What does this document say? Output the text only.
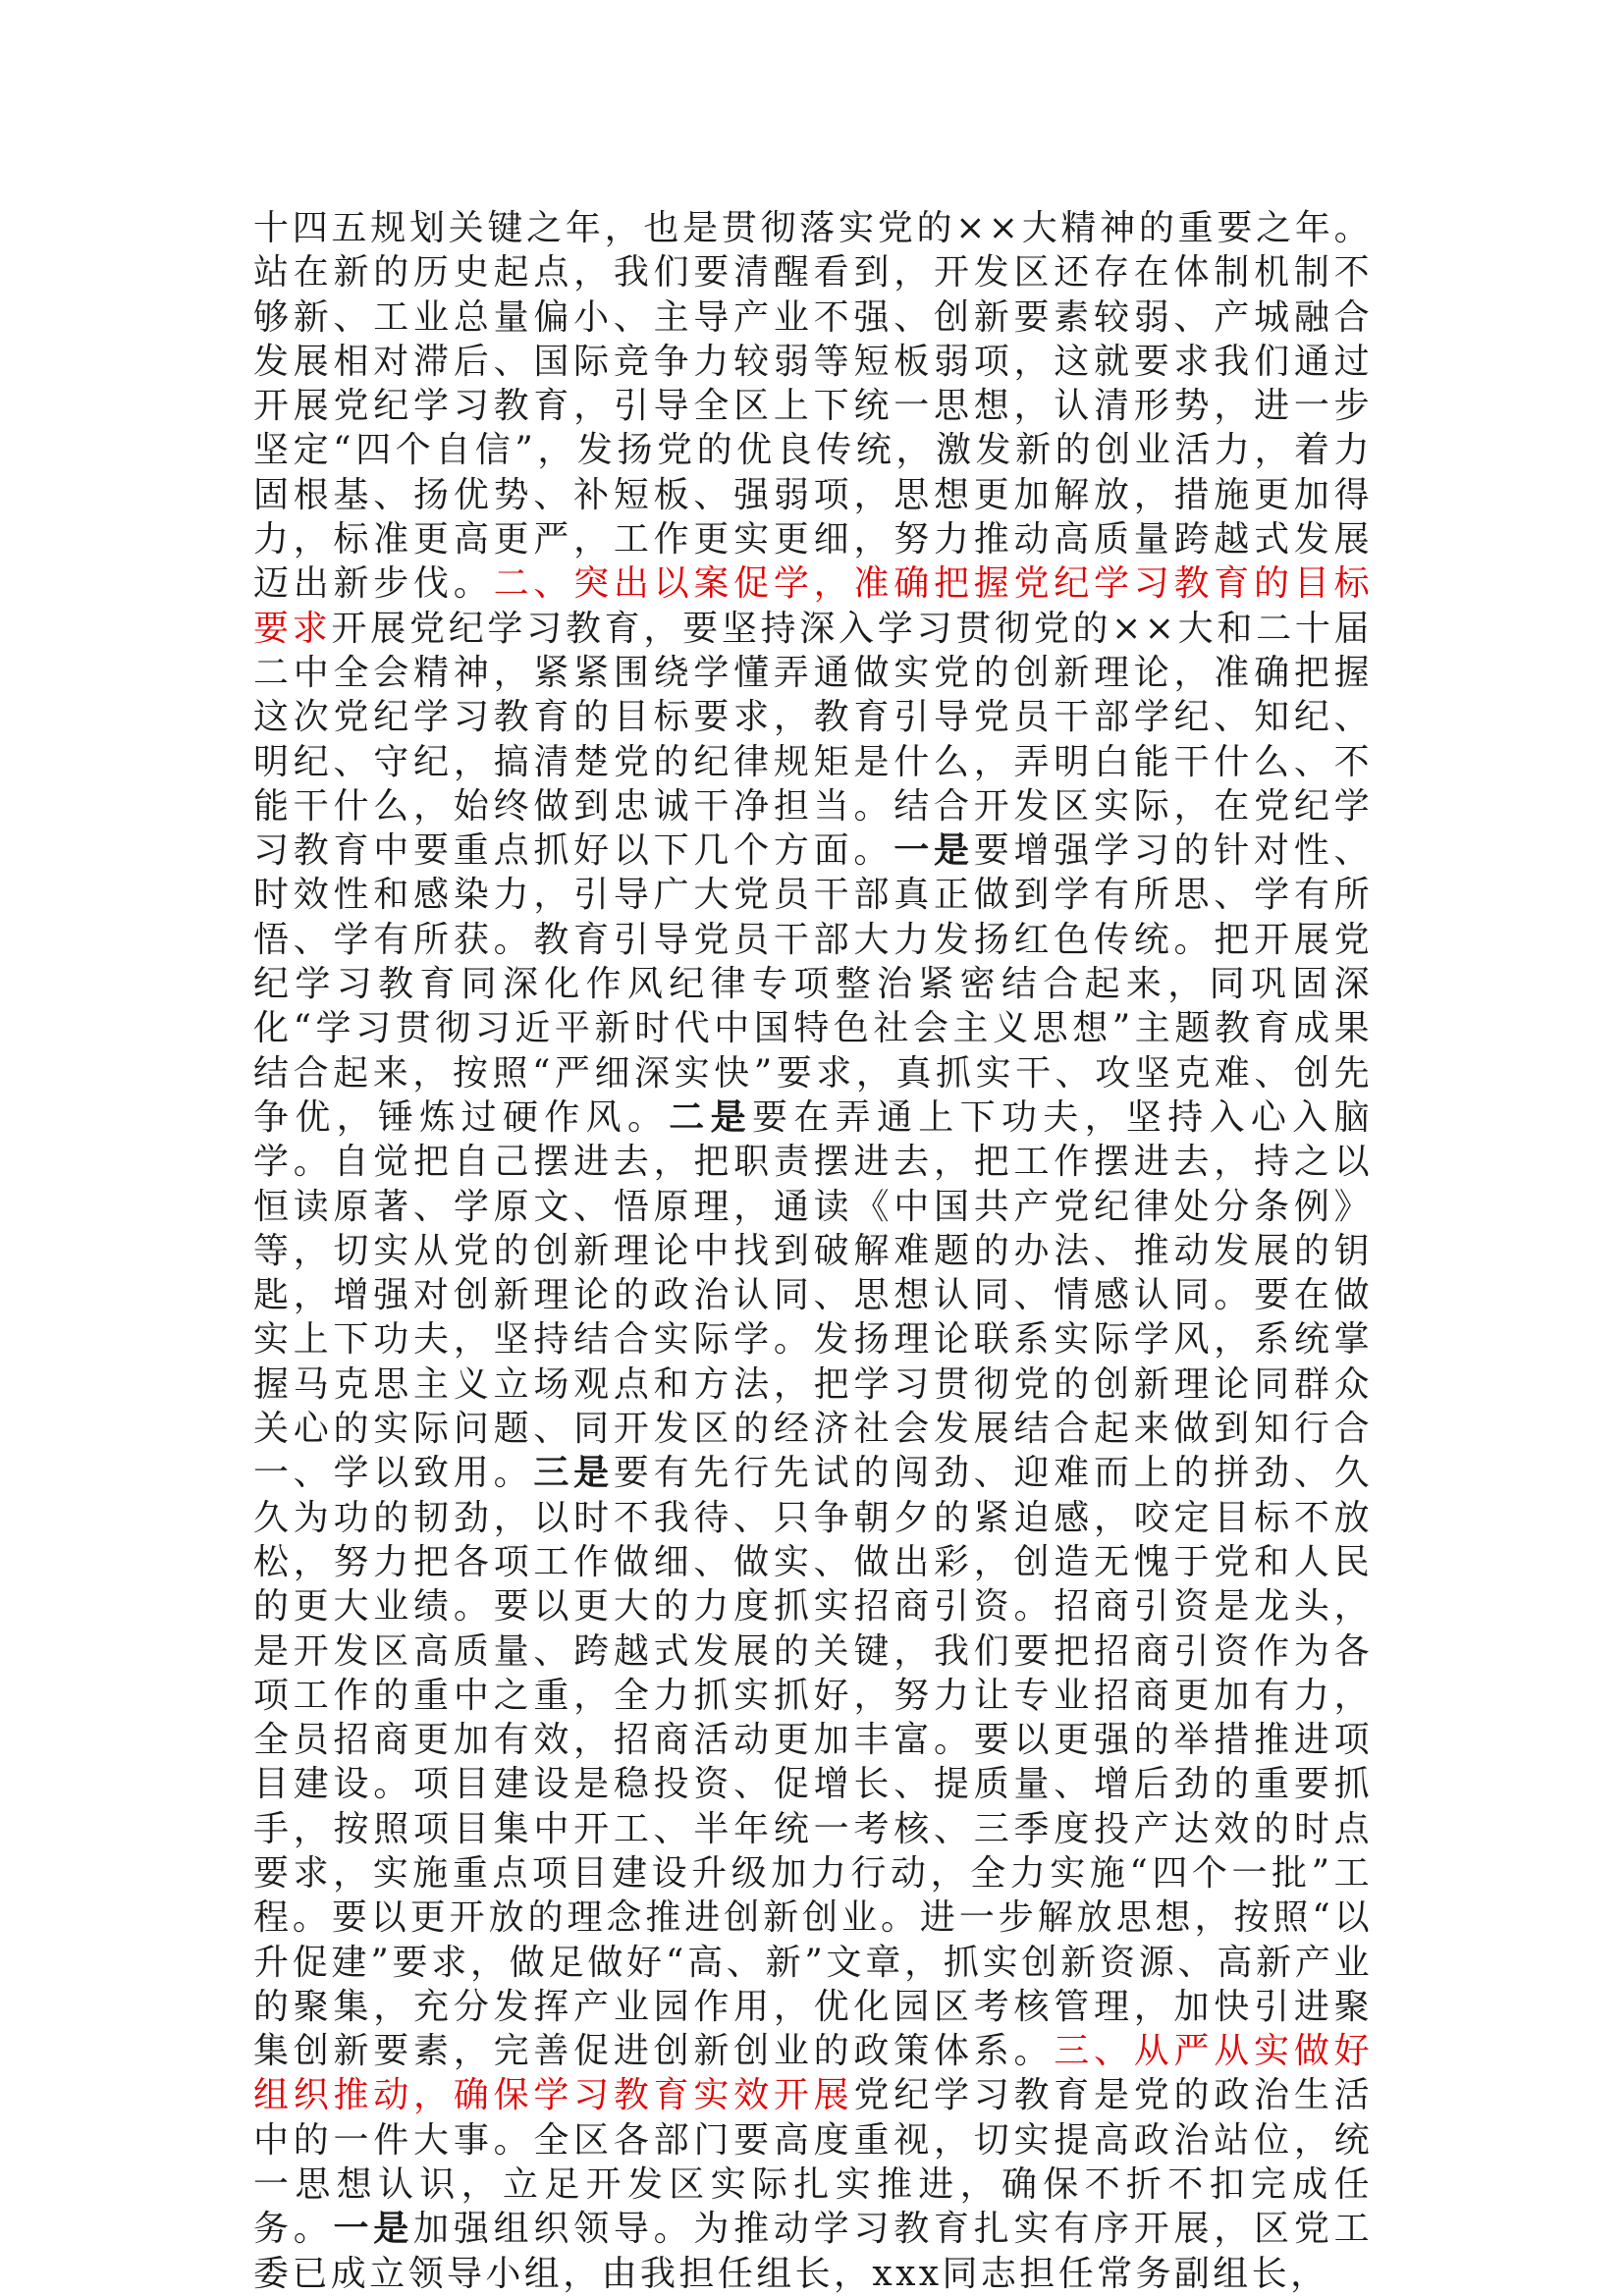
十四五规划关键之年，也是贯彻落实党的××大精神的重要之年。站在新的历史起点，我们要清醒看到，开发区还存在体制机制不够新、工业总量偏小、主导产业不强、创新要素较弱、产城融合发展相对滞后、国际竞争力较弱等短板弱项，这就要求我们通过开展党纪学习教育，引导全区上下统一思想，认清形势，进一步坚定“四个自信”，发扬党的优良传统，激发新的创业活力，着力固根基、扬优势、补短板、强弱项，思想更加解放，措施更加得力，标准更高更严，工作更实更细，努力推动高质量跨越式发展迈出新步伐。二、突出以案促学，准确把握党纪学习教育的目标要求开展党纪学习教育，要坚持深入学习贯彻党的××大和二十届二中全会精神，紧紧围绕学懂弄通做实党的创新理论，准确把握这次党纪学习教育的目标要求，教育引导党员干部学纪、知纪、明纪、守纪，搞清楚党的纪律规矩是什么，弄明白能干什么、不能干什么，始终做到忠诚干净担当。结合开发区实际，在党纪学习教育中要重点抓好以下几个方面。一是要增强学习的针对性、时效性和感染力，引导广大党员干部真正做到学有所思、学有所悟、学有所获。教育引导党员干部大力发扬红色传统。把开展党纪学习教育同深化作风纪律专项整治紧密结合起来，同巩固深化“学习贯彻习近平新时代中国特色社会主义思想”主题教育成果结合起来，按照“严细深实快”要求，真抓实干、攻坚克难、创先争优，锤炼过硬作风。二是要在弄通上下功夫，坚持入心入脑学。自觉把自己摆进去，把职责摆进去，把工作摆进去，持之以恒读原著、学原文、悟原理，通读《中国共产党纪律处分条例》等，切实从党的创新理论中找到破解难题的办法、推动发展的钥匙，增强对创新理论的政治认同、思想认同、情感认同。要在做实上下功夫，坚持结合实际学。发扬理论联系实际学风，系统掌握马克思主义立场观点和方法，把学习贯彻党的创新理论同群众关心的实际问题、同开发区的经济社会发展结合起来做到知行合一、学以致用。三是要有先行先试的闯劲、迎难而上的拼劲、久久为功的韧劲，以时不我待、只争朝夕的紧迫感，咬定目标不放松，努力把各项工作做细、做实、做出彩，创造无愧于党和人民的更大业绩。要以更大的力度抓实招商引资。招商引资是龙头，是开发区高质量、跨越式发展的关键，我们要把招商引资作为各项工作的重中之重，全力抓实抓好，努力让专业招商更加有力，全员招商更加有效，招商活动更加丰富。要以更强的举措推进项目建设。项目建设是稳投资、促增长、提质量、增后劲的重要抓手，按照项目集中开工、半年统一考核、三季度投产达效的时点要求，实施重点项目建设升级加力行动，全力实施“四个一批”工程。要以更开放的理念推进创新创业。进一步解放思想，按照“以升促建”要求，做足做好“高、新”文章，抓实创新资源、高新产业的聚集，充分发挥产业园作用，优化园区考核管理，加快引进聚集创新要素，完善促进创新创业的政策体系。三、从严从实做好组织推动，确保学习教育实效开展党纪学习教育是党的政治生活中的一件大事。全区各部门要高度重视，切实提高政治站位，统一思想认识，立足开发区实际扎实推进，确保不折不扣完成任务。一是加强组织领导。为推动学习教育扎实有序开展，区党工委已成立领导小组，由我担任组长，xxx同志担任常务副组长，
